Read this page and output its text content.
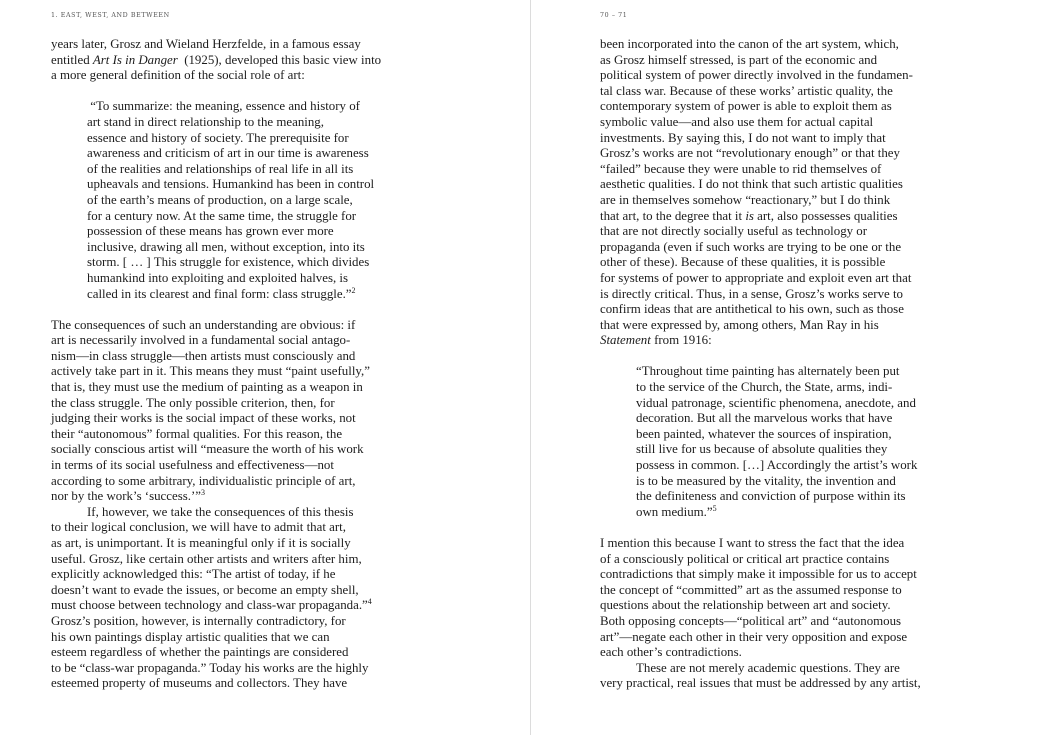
1. EAST, WEST, AND BETWEEN	70 – 71
years later, Grosz and Wieland Herzfelde, in a famous essay
entitled Art Is in Danger  (1925), developed this basic view into
a more general definition of the social role of art:
“To summarize: the meaning, essence and history of
art stand in direct relationship to the meaning,
essence and history of society. The prerequisite for
awareness and criticism of art in our time is awareness
of the realities and relationships of real life in all its
upheavals and tensions. Humankind has been in control
of the earth’s means of production, on a large scale,
for a century now. At the same time, the struggle for
possession of these means has grown ever more
inclusive, drawing all men, without exception, into its
storm. [ … ] This struggle for existence, which divides
humankind into exploiting and exploited halves, is
called in its clearest and final form: class struggle.”$^2$
The consequences of such an understanding are obvious: if
art is necessarily involved in a fundamental social antago-
nism—in class struggle—then artists must consciously and
actively take part in it. This means they must “paint usefully,”
that is, they must use the medium of painting as a weapon in
the class struggle. The only possible criterion, then, for
judging their works is the social impact of these works, not
their “autonomous” formal qualities. For this reason, the
socially conscious artist will “measure the worth of his work
in terms of its social usefulness and effectiveness—not
according to some arbitrary, individualistic principle of art,
nor by the work’s ‘success.’”$^3$
If, however, we take the consequences of this thesis
to their logical conclusion, we will have to admit that art,
as art, is unimportant. It is meaningful only if it is socially
useful. Grosz, like certain other artists and writers after him,
explicitly acknowledged this: “The artist of today, if he
doesn’t want to evade the issues, or become an empty shell,
must choose between technology and class-war propaganda.”$^4$
Grosz’s position, however, is internally contradictory, for
his own paintings display artistic qualities that we can
esteem regardless of whether the paintings are considered
to be “class-war propaganda.” Today his works are the highly
esteemed property of museums and collectors. They have
been incorporated into the canon of the art system, which,
as Grosz himself stressed, is part of the economic and
political system of power directly involved in the fundamen-
tal class war. Because of these works’ artistic quality, the
contemporary system of power is able to exploit them as
symbolic value—and also use them for actual capital
investments. By saying this, I do not want to imply that
Grosz’s works are not “revolutionary enough” or that they
“failed” because they were unable to rid themselves of
aesthetic qualities. I do not think that such artistic qualities
are in themselves somehow “reactionary,” but I do think
that art, to the degree that it is art, also possesses qualities
that are not directly socially useful as technology or
propaganda (even if such works are trying to be one or the
other of these). Because of these qualities, it is possible
for systems of power to appropriate and exploit even art that
is directly critical. Thus, in a sense, Grosz’s works serve to
confirm ideas that are antithetical to his own, such as those
that were expressed by, among others, Man Ray in his
Statement from 1916:
“Throughout time painting has alternately been put
to the service of the Church, the State, arms, indi-
vidual patronage, scientific phenomena, anecdote, and
decoration. But all the marvelous works that have
been painted, whatever the sources of inspiration,
still live for us because of absolute qualities they
possess in common. […] Accordingly the artist’s work
is to be measured by the vitality, the invention and
the definiteness and conviction of purpose within its
own medium.”$^5$
I mention this because I want to stress the fact that the idea
of a consciously political or critical art practice contains
contradictions that simply make it impossible for us to accept
the concept of “committed” art as the assumed response to
questions about the relationship between art and society.
Both opposing concepts—“political art” and “autonomous
art”—negate each other in their very opposition and expose
each other’s contradictions.
These are not merely academic questions. They are
very practical, real issues that must be addressed by any artist,
